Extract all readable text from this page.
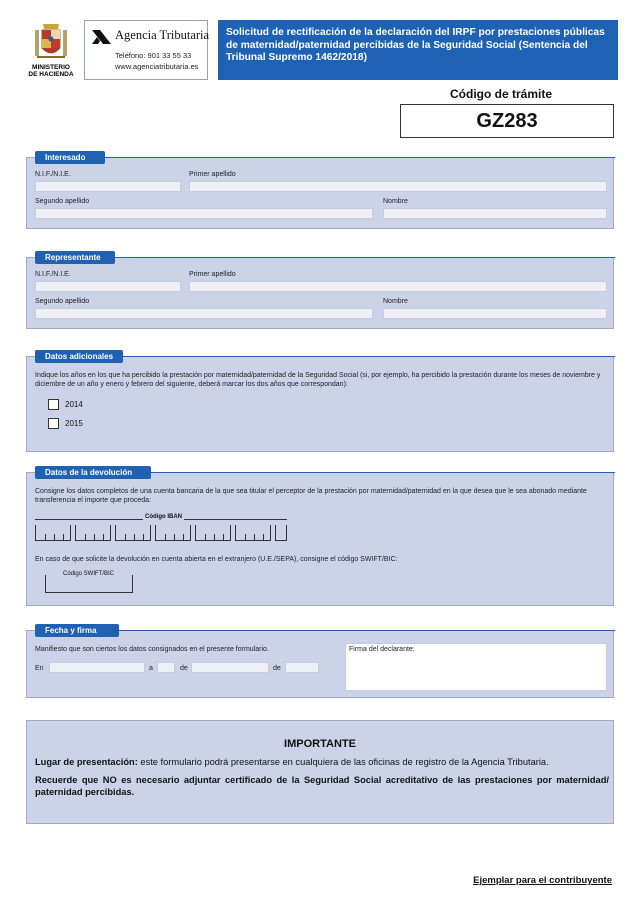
MINISTERIO
DE HACIENDA
Agencia Tributaria
Teléfono: 901 33 55 33
www.agenciatributaria.es
Solicitud de rectificación de la declaración del IRPF por prestaciones públicas de maternidad/paternidad percibidas de la Seguridad Social (Sentencia del Tribunal Supremo 1462/2018)
Código de trámite
GZ283
Interesado
N.I.F./N.I.E.	Primer apellido
Segundo apellido	Nombre
Representante
N.I.F./N.I.E.	Primer apellido
Segundo apellido	Nombre
Datos adicionales
Indique los años en los que ha percibido la prestación por maternidad/paternidad de la Seguridad Social (si, por ejemplo, ha percibido la prestación durante los meses de noviembre y diciembre de un año y enero y febrero del siguiente, deberá marcar los dos años que correspondan):
2014
2015
Datos de la devolución
Consigne los datos completos de una cuenta bancaria de la que sea titular el perceptor de la prestación por maternidad/paternidad en la que desea que le sea abonado mediante transferencia el importe que proceda:
Código IBAN
En caso de que solicite la devolución en cuenta abierta en el extranjero (U.E./SEPA), consigne el código SWIFT/BIC:
Código SWIFT/BIC
Fecha y firma
Manifiesto que son ciertos los datos consignados en el presente formulario.
En	a	de	de
Firma del declarante:
IMPORTANTE
Lugar de presentación: este formulario podrá presentarse en cualquiera de las oficinas de registro de la Agencia Tributaria.
Recuerde que NO es necesario adjuntar certificado de la Seguridad Social acreditativo de las prestaciones por maternidad/ paternidad percibidas.
Ejemplar para el contribuyente
